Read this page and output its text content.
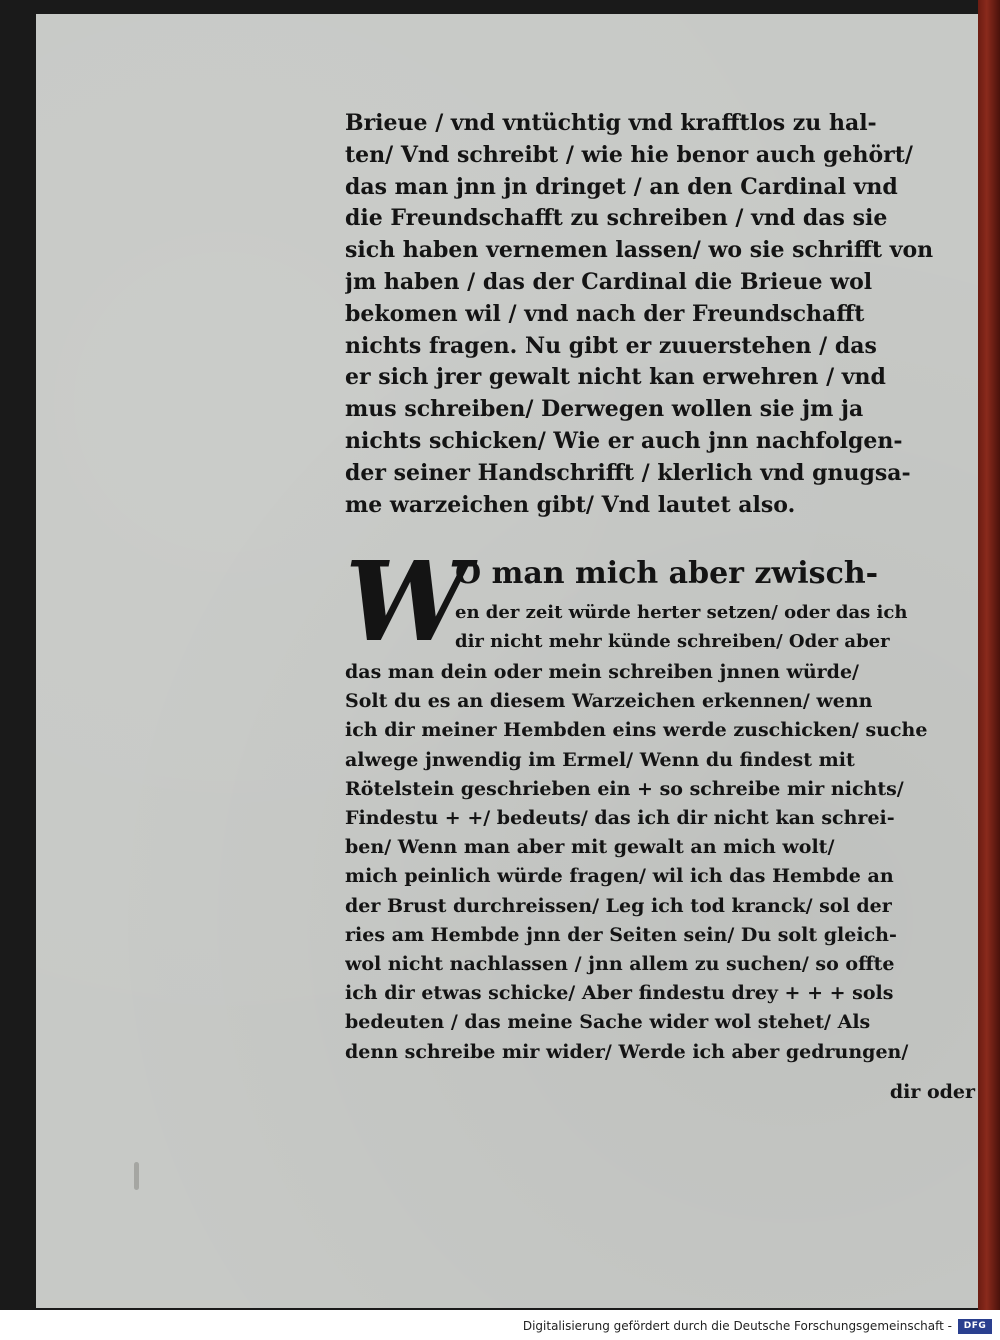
Brieue / vnd vntüchtig vnd krafftlos zu hal-
ten/ Vnd schreibt / wie hie benor auch gehört/
das man jnn jn dringet / an den Cardinal vnd
die Freundschafft zu schreiben / vnd das sie
sich haben vernemen lassen/ wo sie schrifft von
jm haben / das der Cardinal die Brieue wol
bekomen wil / vnd nach der Freundschafft
nichts fragen. Nu gibt er zuuerstehen / das
er sich jrer gewalt nicht kan erwehren / vnd
mus schreiben/ Derwegen wollen sie jm ja
nichts schicken/ Wie er auch jnn nachfolgen-
der seiner Handschrifft / klerlich vnd gnugsa-
me warzeichen gibt/ Vnd lautet also.
W
O man mich aber zwisch-
en der zeit würde herter setzen/ oder das ich
dir nicht mehr künde schreiben/ Oder aber
das man dein oder mein schreiben jnnen würde/
Solt du es an diesem Warzeichen erkennen/ wenn
ich dir meiner Hembden eins werde zuschicken/ suche
alwege jnwendig im Ermel/ Wenn du findest mit
Rötelstein geschrieben ein + so schreibe mir nichts/
Findestu + +/ bedeuts/ das ich dir nicht kan schrei-
ben/ Wenn man aber mit gewalt an mich wolt/
mich peinlich würde fragen/ wil ich das Hembde an
der Brust durchreissen/ Leg ich tod kranck/ sol der
ries am Hembde jnn der Seiten sein/ Du solt gleich-
wol nicht nachlassen / jnn allem zu suchen/ so offte
ich dir etwas schicke/ Aber findestu drey + + + sols
bedeuten / das meine Sache wider wol stehet/ Als
denn schreibe mir wider/ Werde ich aber gedrungen/
dir oder
Digitalisierung gefördert durch die Deutsche Forschungsgemeinschaft -	DFG
